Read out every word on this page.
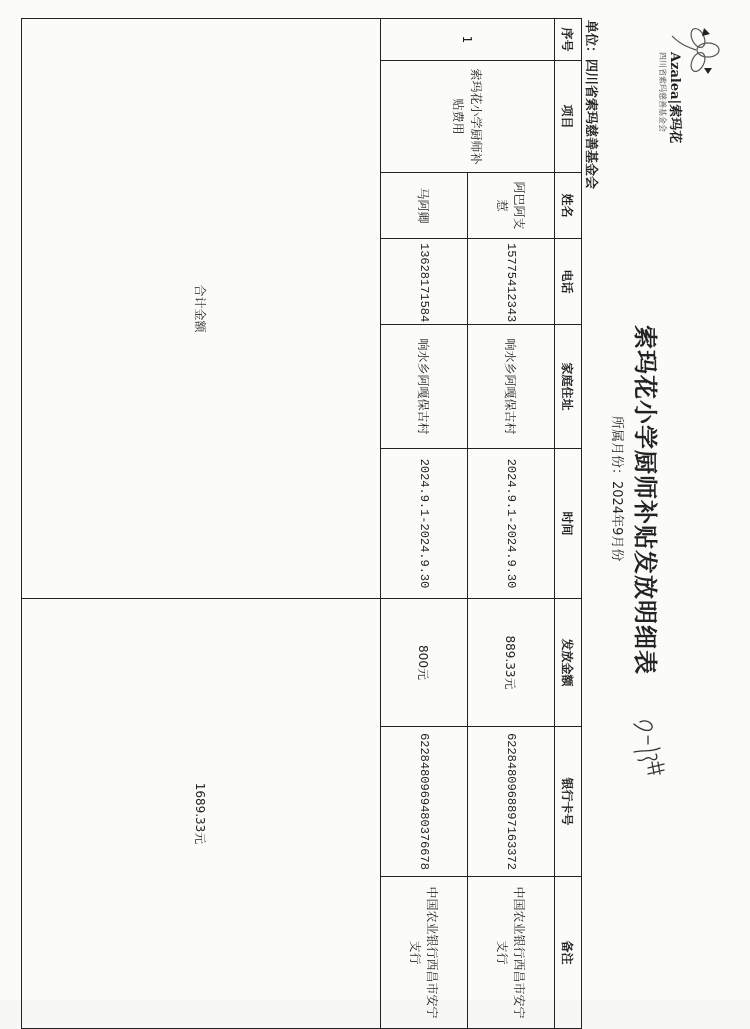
Azalea|索玛花
四川省索玛慈善基金会
索玛花小学厨师补贴发放明细表
所属月份：2024年9月份
单位：四川省索玛慈善基金会
序号	项目	姓名	电话	家庭住址	时间	发放金额	银行卡号	备注
1	索玛花小学厨师补贴费用	阿巴阿支惹	15775412343	响水乡阿嘎保古村	2024.9.1-2024.9.30	889.33元	6228480968897163372	中国农业银行西昌市安宁支行
		马阿卿	13628171584	响水乡阿嘎保古村	2024.9.1-2024.9.30	800元	6228480969480376678	中国农业银行西昌市安宁支行
合计金额						1689.33元		
